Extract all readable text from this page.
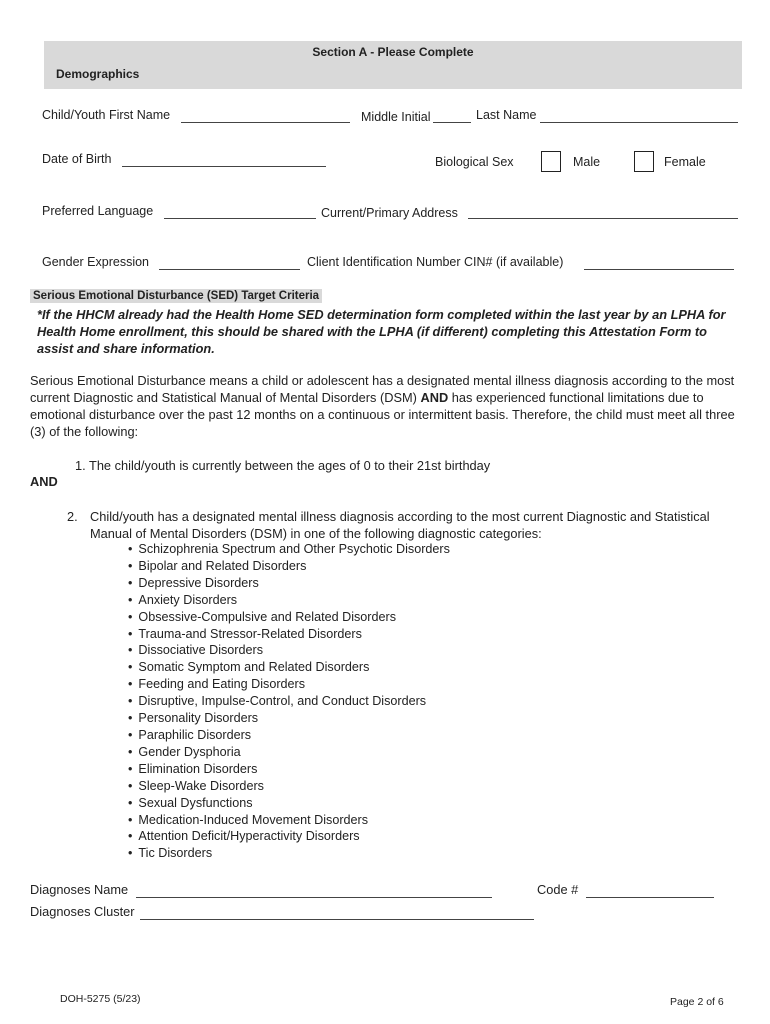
Section A - Please Complete
Demographics
Child/Youth First Name	Middle Initial	Last Name
Date of Birth	Biological Sex	Male	Female
Preferred Language	Current/Primary Address
Gender Expression	Client Identification Number CIN# (if available)
Serious Emotional Disturbance (SED) Target Criteria
*If the HHCM already had the Health Home SED determination form completed within the last year by an LPHA for Health Home enrollment, this should be shared with the LPHA (if different) completing this Attestation Form to assist and share information.
Serious Emotional Disturbance means a child or adolescent has a designated mental illness diagnosis according to the most current Diagnostic and Statistical Manual of Mental Disorders (DSM) AND has experienced functional limitations due to emotional disturbance over the past 12 months on a continuous or intermittent basis. Therefore, the child must meet all three (3) of the following:
1. The child/youth is currently between the ages of 0 to their 21st birthday
AND
2. Child/youth has a designated mental illness diagnosis according to the most current Diagnostic and Statistical Manual of Mental Disorders (DSM) in one of the following diagnostic categories:
• Schizophrenia Spectrum and Other Psychotic Disorders
• Bipolar and Related Disorders
• Depressive Disorders
• Anxiety Disorders
• Obsessive-Compulsive and Related Disorders
• Trauma-and Stressor-Related Disorders
• Dissociative Disorders
• Somatic Symptom and Related Disorders
• Feeding and Eating Disorders
• Disruptive, Impulse-Control, and Conduct Disorders
• Personality Disorders
• Paraphilic Disorders
• Gender Dysphoria
• Elimination Disorders
• Sleep-Wake Disorders
• Sexual Dysfunctions
• Medication-Induced Movement Disorders
• Attention Deficit/Hyperactivity Disorders
• Tic Disorders
Diagnoses Name	Code #
Diagnoses Cluster
DOH-5275 (5/23)	Page 2 of 6
